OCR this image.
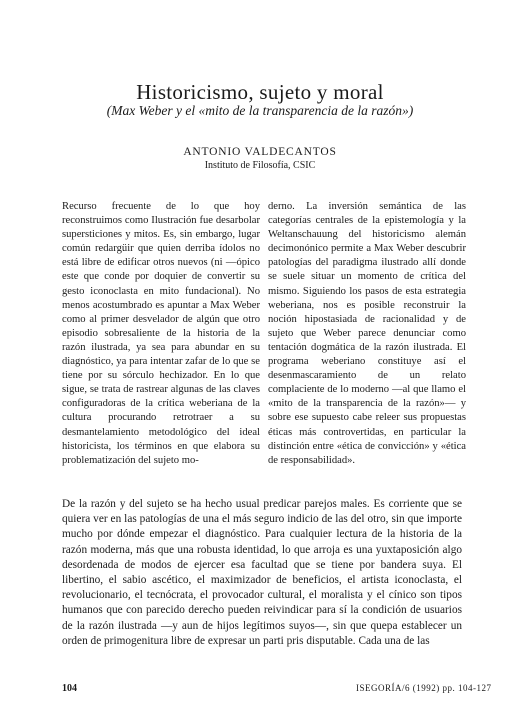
Historicismo, sujeto y moral
(Max Weber y el «mito de la transparencia de la razón»)
ANTONIO VALDECANTOS
Instituto de Filosofía, CSIC
Recurso frecuente de lo que hoy reconstruimos como Ilustración fue desarbolar supersticiones y mitos. Es, sin embargo, lugar común redargüir que quien derriba ídolos no está libre de edificar otros nuevos (ni —ópico este que conde por doquier de convertir su gesto iconoclasta en mito fundacional). No menos acostumbrado es apuntar a Max Weber como al primer desvelador de algún que otro episodio sobresaliente de la historia de la razón ilustrada, ya sea para abundar en su diagnóstico, ya para intentar zafar de lo que se tiene por su sórculo hechizador. En lo que sigue, se trata de rastrear algunas de las claves configuradoras de la crítica weberiana de la cultura procurando retrotraer a su desmantelamiento metodológico del ideal historicista, los términos en que elabora su problematización del sujeto mo-
derno. La inversión semántica de las categorías centrales de la epistemología y la Weltanschauung del historicismo alemán decimonónico permite a Max Weber descubrir patologías del paradigma ilustrado allí donde se suele situar un momento de crítica del mismo. Siguiendo los pasos de esta estrategia weberiana, nos es posible reconstruir la noción hipostasiada de racionalidad y de sujeto que Weber parece denunciar como tentación dogmática de la razón ilustrada. El programa weberiano constituye así el desenmascaramiento de un relato complaciente de lo moderno —al que llamo el «mito de la transparencia de la razón»— y sobre ese supuesto cabe releer sus propuestas éticas más controvertidas, en particular la distinción entre «ética de convicción» y «ética de responsabilidad».
De la razón y del sujeto se ha hecho usual predicar parejos males. Es corriente que se quiera ver en las patologías de una el más seguro indicio de las del otro, sin que importe mucho por dónde empezar el diagnóstico. Para cualquier lectura de la historia de la razón moderna, más que una robusta identidad, lo que arroja es una yuxtaposición algo desordenada de modos de ejercer esa facultad que se tiene por bandera suya. El libertino, el sabio ascético, el maximizador de beneficios, el artista iconoclasta, el revolucionario, el tecnócrata, el provocador cultural, el moralista y el cínico son tipos humanos que con parecido derecho pueden reivindicar para sí la condición de usuarios de la razón ilustrada —y aun de hijos legítimos suyos—, sin que quepa establecer un orden de primogenitura libre de expresar un parti pris disputable. Cada una de las
104	ISEGORÍA/6 (1992) pp. 104-127
